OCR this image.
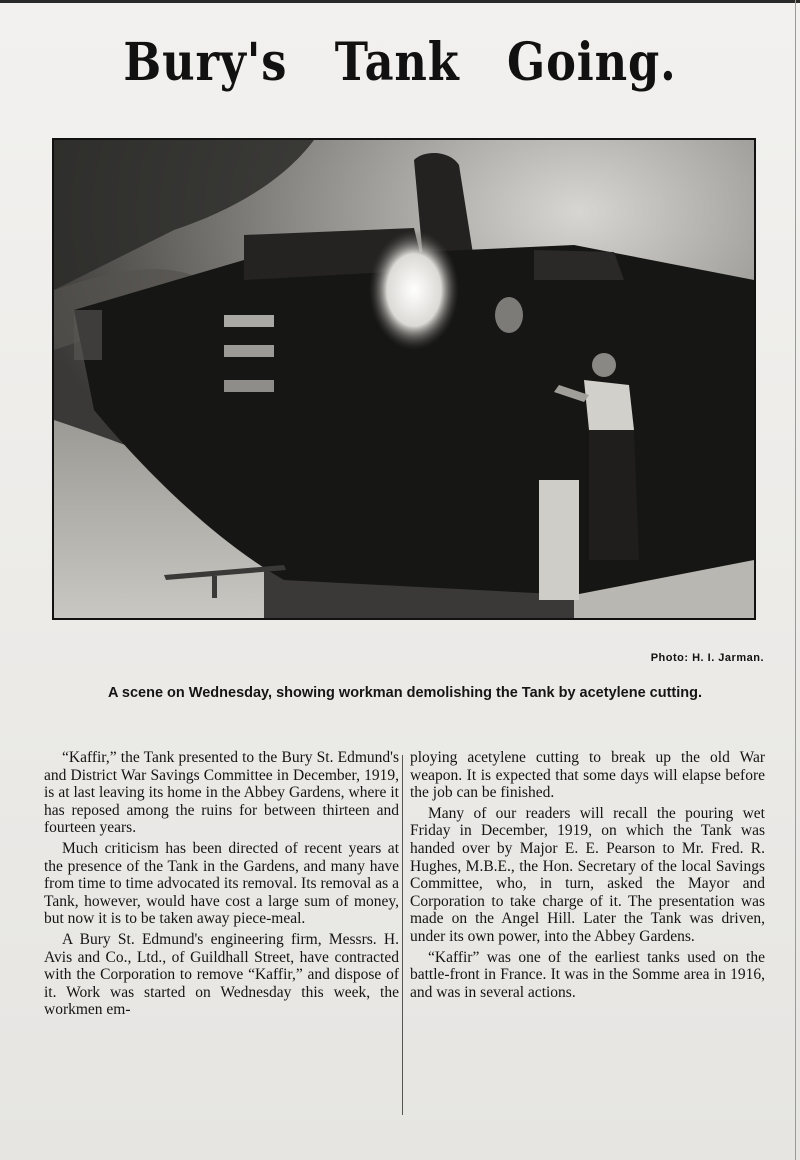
Bury's Tank Going.
Photo: H. I. Jarman.
A scene on Wednesday, showing workman demolishing the Tank by acetylene cutting.

“Kaffir,” the Tank presented to the Bury St. Edmund's and District War Savings Committee in December, 1919, is at last leaving its home in the Abbey Gardens, where it has reposed among the ruins for between thirteen and fourteen years.

Much criticism has been directed of recent years at the presence of the Tank in the Gardens, and many have from time to time advocated its removal. Its removal as a Tank, however, would have cost a large sum of money, but now it is to be taken away piece-meal.

A Bury St. Edmund's engineering firm, Messrs. H. Avis and Co., Ltd., of Guildhall Street, have contracted with the Corporation to remove “Kaffir,” and dispose of it. Work was started on Wednesday this week, the workmen em-

ploying acetylene cutting to break up the old War weapon. It is expected that some days will elapse before the job can be finished.

Many of our readers will recall the pouring wet Friday in December, 1919, on which the Tank was handed over by Major E. E. Pearson to Mr. Fred. R. Hughes, M.B.E., the Hon. Secretary of the local Savings Committee, who, in turn, asked the Mayor and Corporation to take charge of it. The presentation was made on the Angel Hill. Later the Tank was driven, under its own power, into the Abbey Gardens.

“Kaffir” was one of the earliest tanks used on the battle-front in France. It was in the Somme area in 1916, and was in several actions.
